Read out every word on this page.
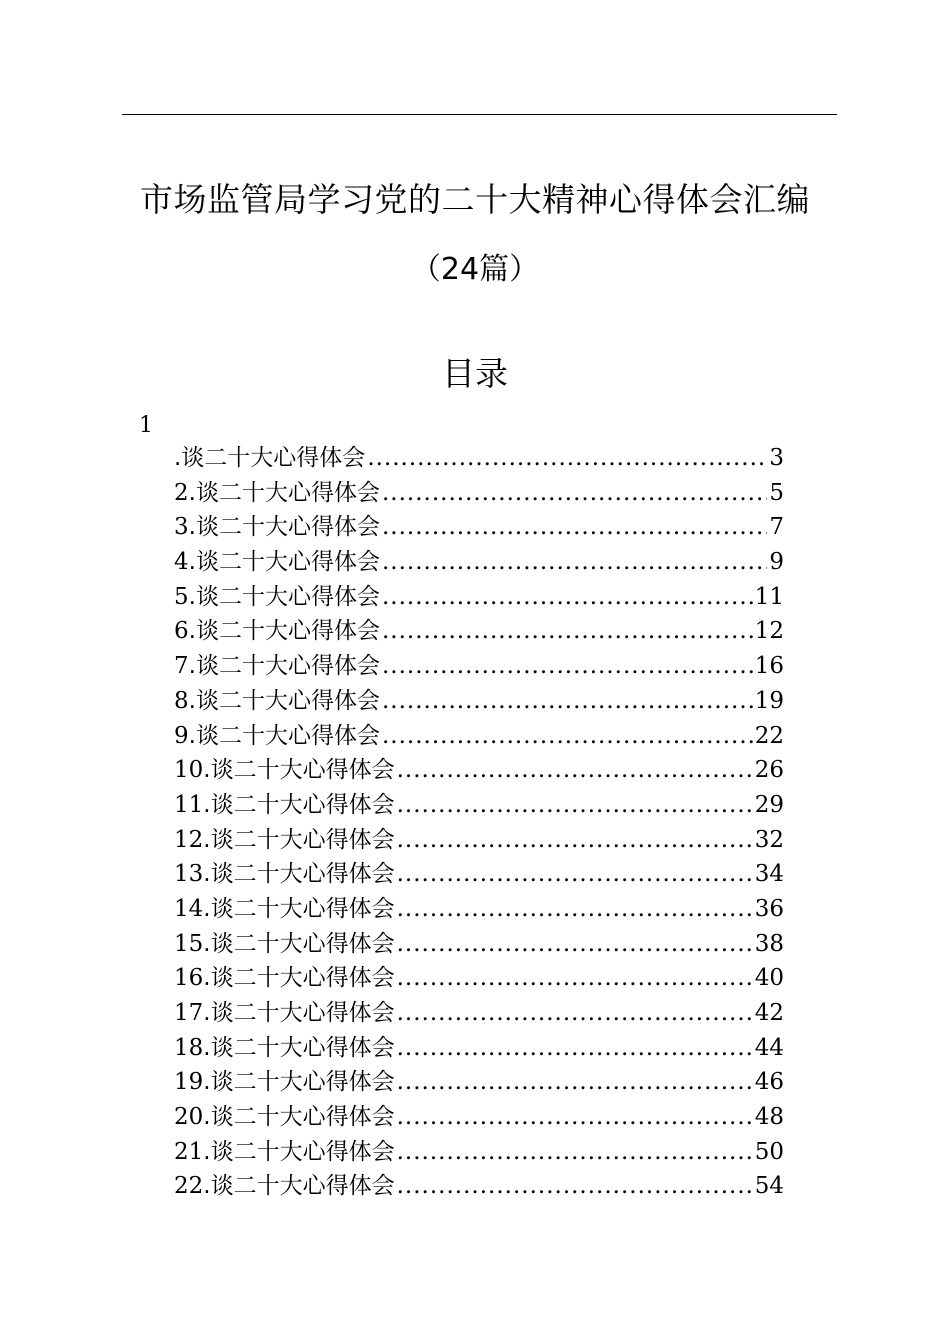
市场监管局学习党的二十大精神心得体会汇编
（24篇）
目录
1
.谈二十大心得体会 .....	3
2 .谈二十大心得体会 .....	5
3 .谈二十大心得体会 .....	7
4 .谈二十大心得体会 .....	9
5 .谈二十大心得体会 .....	11
6 .谈二十大心得体会 .....	12
7 .谈二十大心得体会 .....	16
8 .谈二十大心得体会 .....	19
9 .谈二十大心得体会 .....	22
10 .谈二十大心得体会 .....	26
11 .谈二十大心得体会 .....	29
12 .谈二十大心得体会 .....	32
13 .谈二十大心得体会 .....	34
14 .谈二十大心得体会 .....	36
15 .谈二十大心得体会 .....	38
16 .谈二十大心得体会 .....	40
17 .谈二十大心得体会 .....	42
18 .谈二十大心得体会 .....	44
19 .谈二十大心得体会 .....	46
20 .谈二十大心得体会 .....	48
21 .谈二十大心得体会 .....	50
22 .谈二十大心得体会 .....	54
